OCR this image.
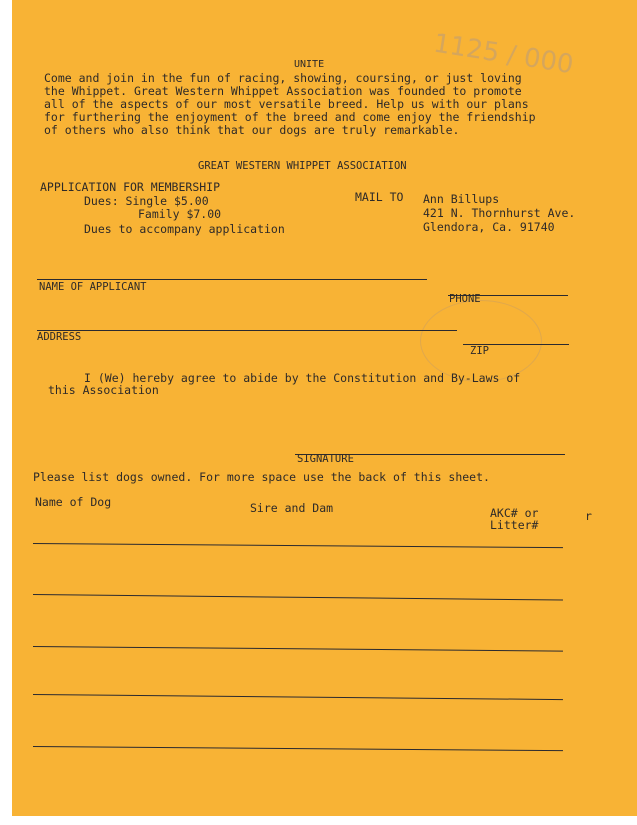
1125 / 000
UNITE
Come and join in the fun of racing, showing, coursing, or just loving
the Whippet. Great Western Whippet Association was founded to promote
all of the aspects of our most versatile breed. Help us with our plans
for furthering the enjoyment of the breed and come enjoy the friendship
of others who also think that our dogs are truly remarkable.
GREAT WESTERN WHIPPET ASSOCIATION
APPLICATION FOR MEMBERSHIP
Dues: Single $5.00
Family $7.00
Dues to accompany application
MAIL TO Ann Billups
421 N. Thornhurst Ave.
Glendora, Ca. 91740
NAME OF APPLICANT
PHONE
ADDRESS
ZIP
I (We) hereby agree to abide by the Constitution and By-Laws of
this Association
SIGNATURE
Please list dogs owned. For more space use the back of this sheet.
Name of Dog	Sire and Dam	AKC# or
Litter#
r
